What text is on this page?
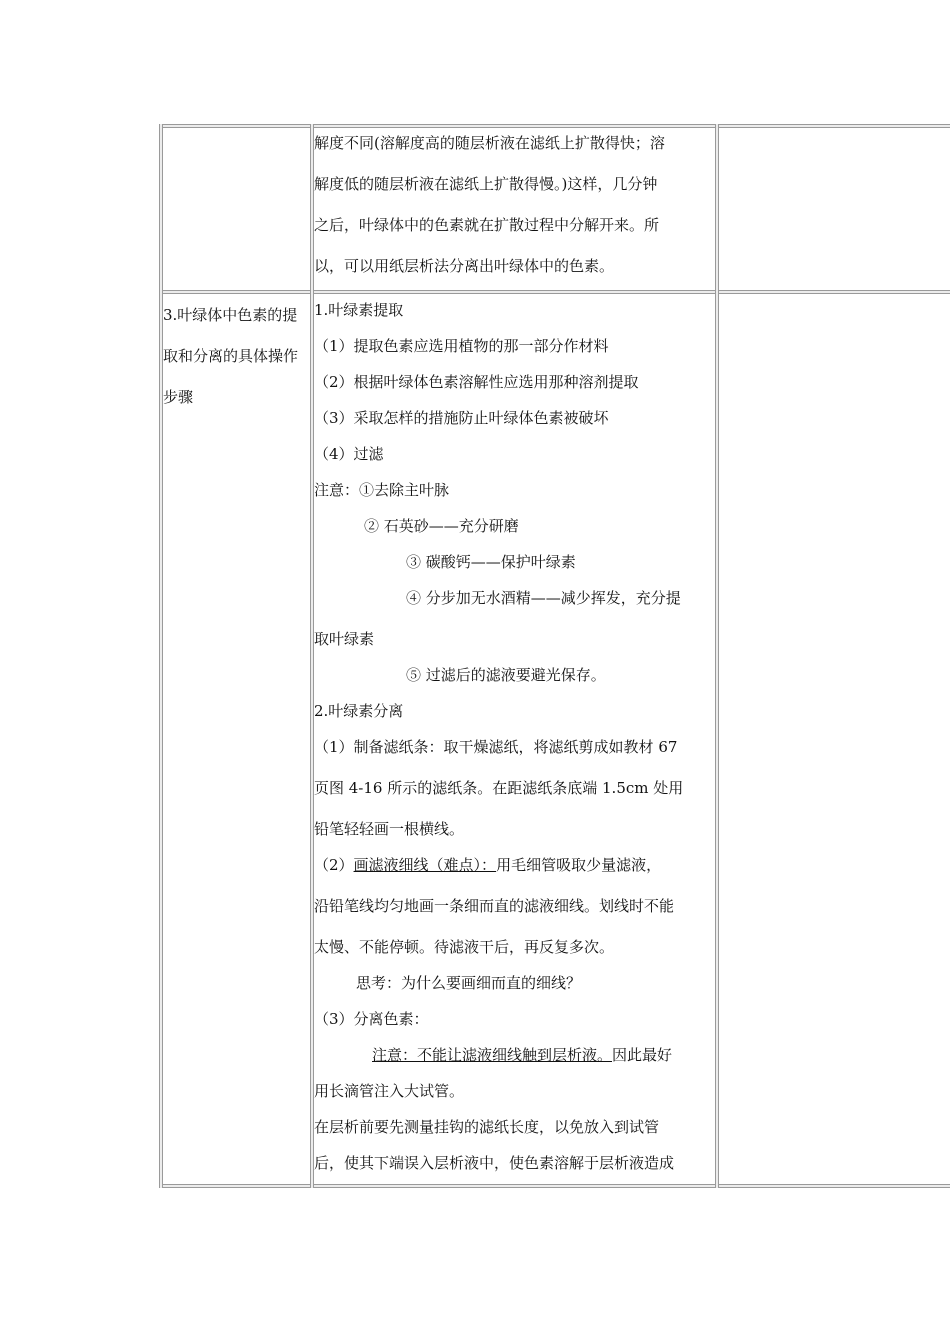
解度不同(溶解度高的随层析液在滤纸上扩散得快；溶
解度低的随层析液在滤纸上扩散得慢。)这样，几分钟
之后，叶绿体中的色素就在扩散过程中分解开来。所
以，可以用纸层析法分离出叶绿体中的色素。
3.叶绿体中色素的提
取和分离的具体操作
步骤
1.叶绿素提取
（1）提取色素应选用植物的那一部分作材料
（2）根据叶绿体色素溶解性应选用那种溶剂提取
（3）采取怎样的措施防止叶绿体色素被破坏
（4）过滤
注意：①去除主叶脉
② 石英砂——充分研磨
③ 碳酸钙——保护叶绿素
④ 分步加无水酒精——减少挥发，充分提
取叶绿素
⑤ 过滤后的滤液要避光保存。
2.叶绿素分离
（1）制备滤纸条：取干燥滤纸，将滤纸剪成如教材 67
页图 4-16 所示的滤纸条。在距滤纸条底端 1.5cm 处用
铅笔轻轻画一根横线。
（2）画滤液细线（难点）：用毛细管吸取少量滤液，
沿铅笔线均匀地画一条细而直的滤液细线。划线时不能
太慢、不能停顿。待滤液干后，再反复多次。
思考：为什么要画细而直的细线？
（3）分离色素：
注意：不能让滤液细线触到层析液。因此最好
用长滴管注入大试管。
在层析前要先测量挂钩的滤纸长度，以免放入到试管
后，使其下端误入层析液中，使色素溶解于层析液造成
